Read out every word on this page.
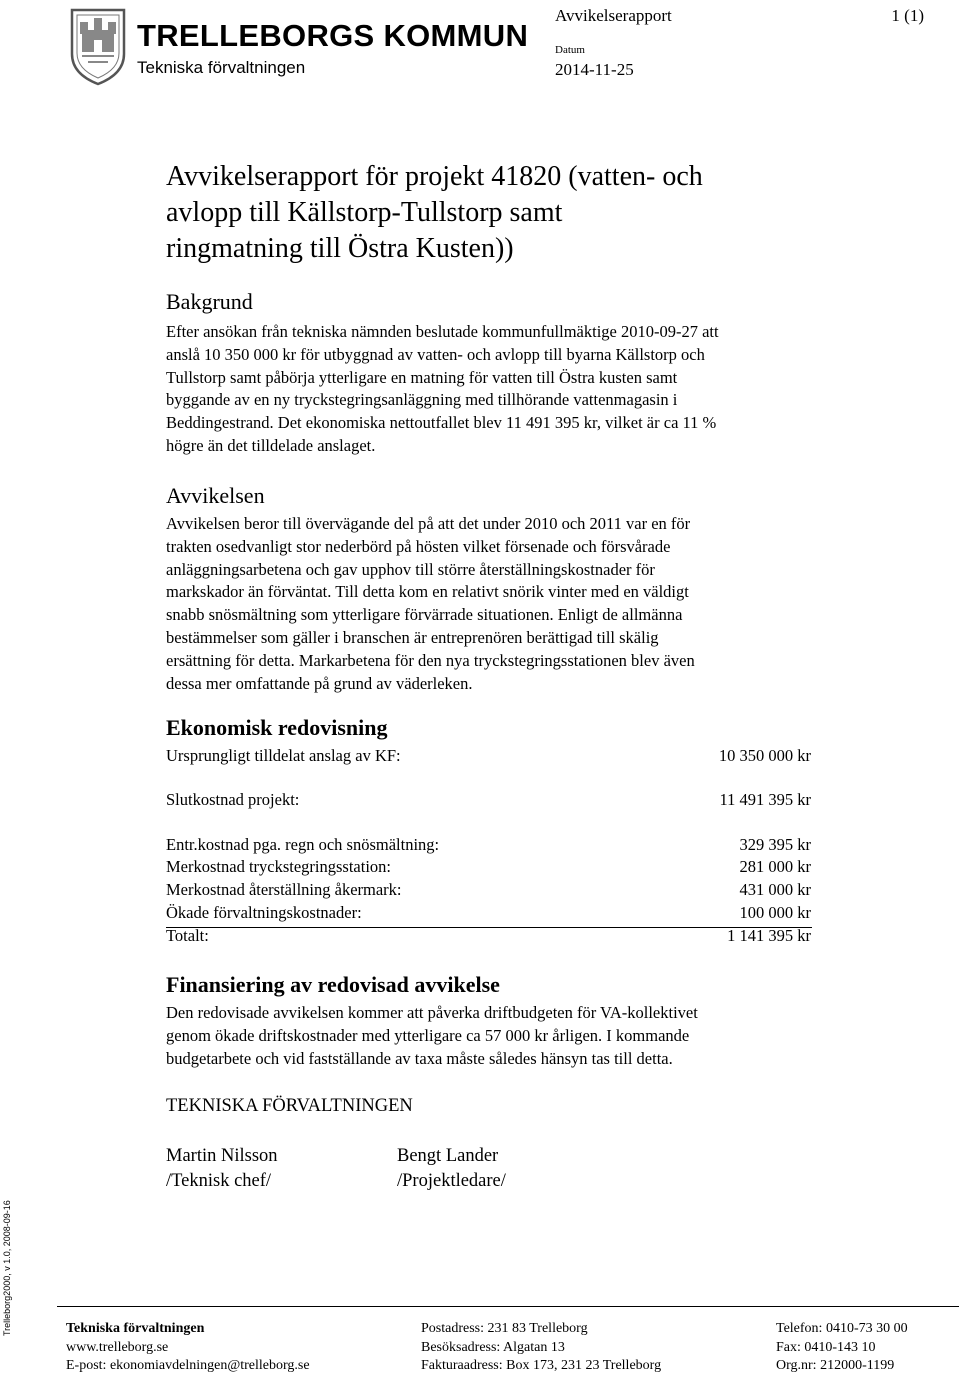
TRELLEBORGS KOMMUN
Tekniska förvaltningen
Avvikelserapport	1 (1)
Datum
2014-11-25
Avvikelserapport för projekt 41820 (vatten- och
avlopp till Källstorp-Tullstorp samt
ringmatning till Östra Kusten))
Bakgrund
Efter ansökan från tekniska nämnden beslutade kommunfullmäktige 2010-09-27 att
anslå 10 350 000 kr för utbyggnad av vatten- och avlopp till byarna Källstorp och
Tullstorp samt påbörja ytterligare en matning för vatten till Östra kusten samt
byggande av en ny tryckstegringsanläggning med tillhörande vattenmagasin i
Beddingestrand. Det ekonomiska nettoutfallet blev 11 491 395 kr, vilket är ca 11 %
högre än det tilldelade anslaget.
Avvikelsen
Avvikelsen beror till övervägande del på att det under 2010 och 2011 var en för
trakten osedvanligt stor nederbörd på hösten vilket försenade och försvårade
anläggningsarbetena och gav upphov till större återställningskostnader för
markskador än förväntat. Till detta kom en relativt snörik vinter med en väldigt
snabb snösmältning som ytterligare förvärrade situationen. Enligt de allmänna
bestämmelser som gäller i branschen är entreprenören berättigad till skälig
ersättning för detta. Markarbetena för den nya tryckstegringsstationen blev även
dessa mer omfattande på grund av väderleken.
Ekonomisk redovisning
Ursprungligt tilldelat anslag av KF:	10 350 000 kr
Slutkostnad projekt:	11 491 395 kr
Entr.kostnad pga. regn och snösmältning:	329 395 kr
Merkostnad tryckstegringsstation:	281 000 kr
Merkostnad återställning åkermark:	431 000 kr
Ökade förvaltningskostnader:	100 000 kr
Totalt:	1 141 395 kr
Finansiering av redovisad avvikelse
Den redovisade avvikelsen kommer att påverka driftbudgeten för VA-kollektivet
genom ökade driftskostnader med ytterligare ca 57 000 kr årligen. I kommande
budgetarbete och vid fastställande av taxa måste således hänsyn tas till detta.
TEKNISKA FÖRVALTNINGEN
Martin Nilsson
/Teknisk chef/
Bengt Lander
/Projektledare/
Trelleborg2000, v 1.0, 2008-09-16	Tekniska förvaltningen
www.trelleborg.se
E-post: ekonomiavdelningen@trelleborg.se
Postadress: 231 83 Trelleborg
Besöksadress: Algatan 13
Fakturaadress: Box 173, 231 23 Trelleborg
Telefon: 0410-73 30 00
Fax: 0410-143 10
Org.nr: 212000-1199
